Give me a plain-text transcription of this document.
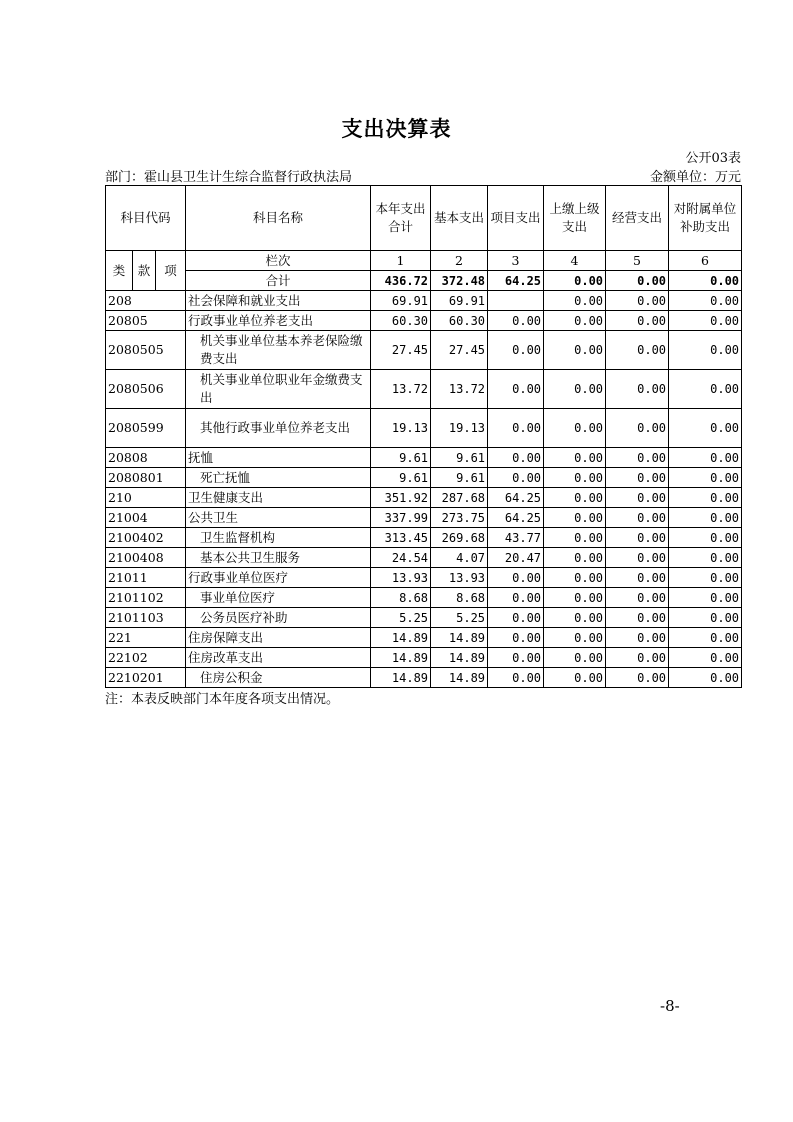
支出决算表
公开03表
部门：霍山县卫生计生综合监督行政执法局	金额单位：万元
科目代码			科目名称	本年支出合计	基本支出	项目支出	上缴上级支出	经营支出	对附属单位补助支出
类	款	项	栏次	1	2	3	4	5	6
			合计	436.72	372.48	64.25	0.00	0.00	0.00
208			社会保障和就业支出	69.91	69.91		0.00	0.00	0.00
20805			行政事业单位养老支出	60.30	60.30	0.00	0.00	0.00	0.00
2080505			机关事业单位基本养老保险缴费支出	27.45	27.45	0.00	0.00	0.00	0.00
2080506			机关事业单位职业年金缴费支出	13.72	13.72	0.00	0.00	0.00	0.00
2080599			其他行政事业单位养老支出	19.13	19.13	0.00	0.00	0.00	0.00
20808			抚恤	9.61	9.61	0.00	0.00	0.00	0.00
2080801			死亡抚恤	9.61	9.61	0.00	0.00	0.00	0.00
210			卫生健康支出	351.92	287.68	64.25	0.00	0.00	0.00
21004			公共卫生	337.99	273.75	64.25	0.00	0.00	0.00
2100402			卫生监督机构	313.45	269.68	43.77	0.00	0.00	0.00
2100408			基本公共卫生服务	24.54	4.07	20.47	0.00	0.00	0.00
21011			行政事业单位医疗	13.93	13.93	0.00	0.00	0.00	0.00
2101102			事业单位医疗	8.68	8.68	0.00	0.00	0.00	0.00
2101103			公务员医疗补助	5.25	5.25	0.00	0.00	0.00	0.00
221			住房保障支出	14.89	14.89	0.00	0.00	0.00	0.00
22102			住房改革支出	14.89	14.89	0.00	0.00	0.00	0.00
2210201			住房公积金	14.89	14.89	0.00	0.00	0.00	0.00
注：本表反映部门本年度各项支出情况。
-8-
